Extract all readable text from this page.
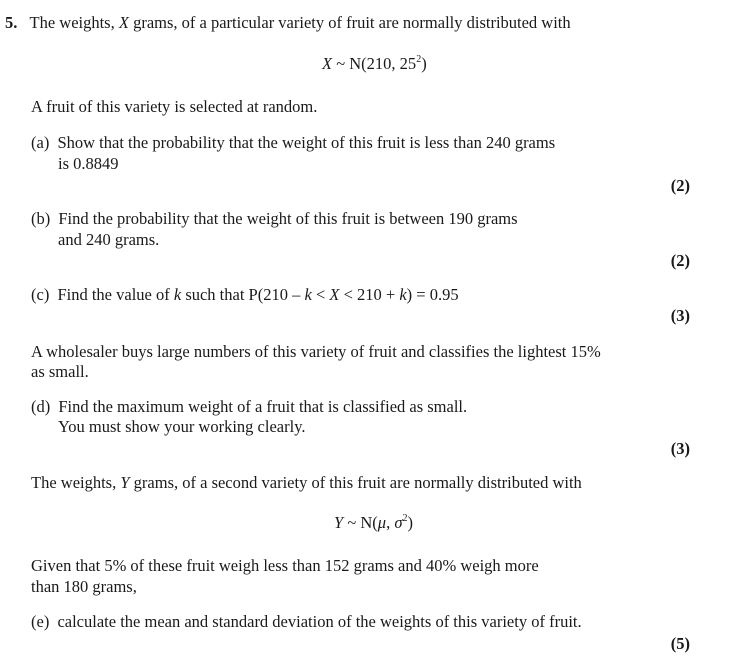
5. The weights, X grams, of a particular variety of fruit are normally distributed with
X ~ N(210, $25^2$)
A fruit of this variety is selected at random.
(a) Show that the probability that the weight of this fruit is less than 240 grams
is 0.8849
(2)
(b) Find the probability that the weight of this fruit is between 190 grams
and 240 grams.
(2)
(c) Find the value of k such that P(210 – k < X < 210 + k) = 0.95
(3)
A wholesaler buys large numbers of this variety of fruit and classifies the lightest 15%
as small.
(d) Find the maximum weight of a fruit that is classified as small.
You must show your working clearly.
(3)
The weights, Y grams, of a second variety of this fruit are normally distributed with
Y ~ N(μ, $\sigma^2$)
Given that 5% of these fruit weigh less than 152 grams and 40% weigh more
than 180 grams,
(e) calculate the mean and standard deviation of the weights of this variety of fruit.
(5)
